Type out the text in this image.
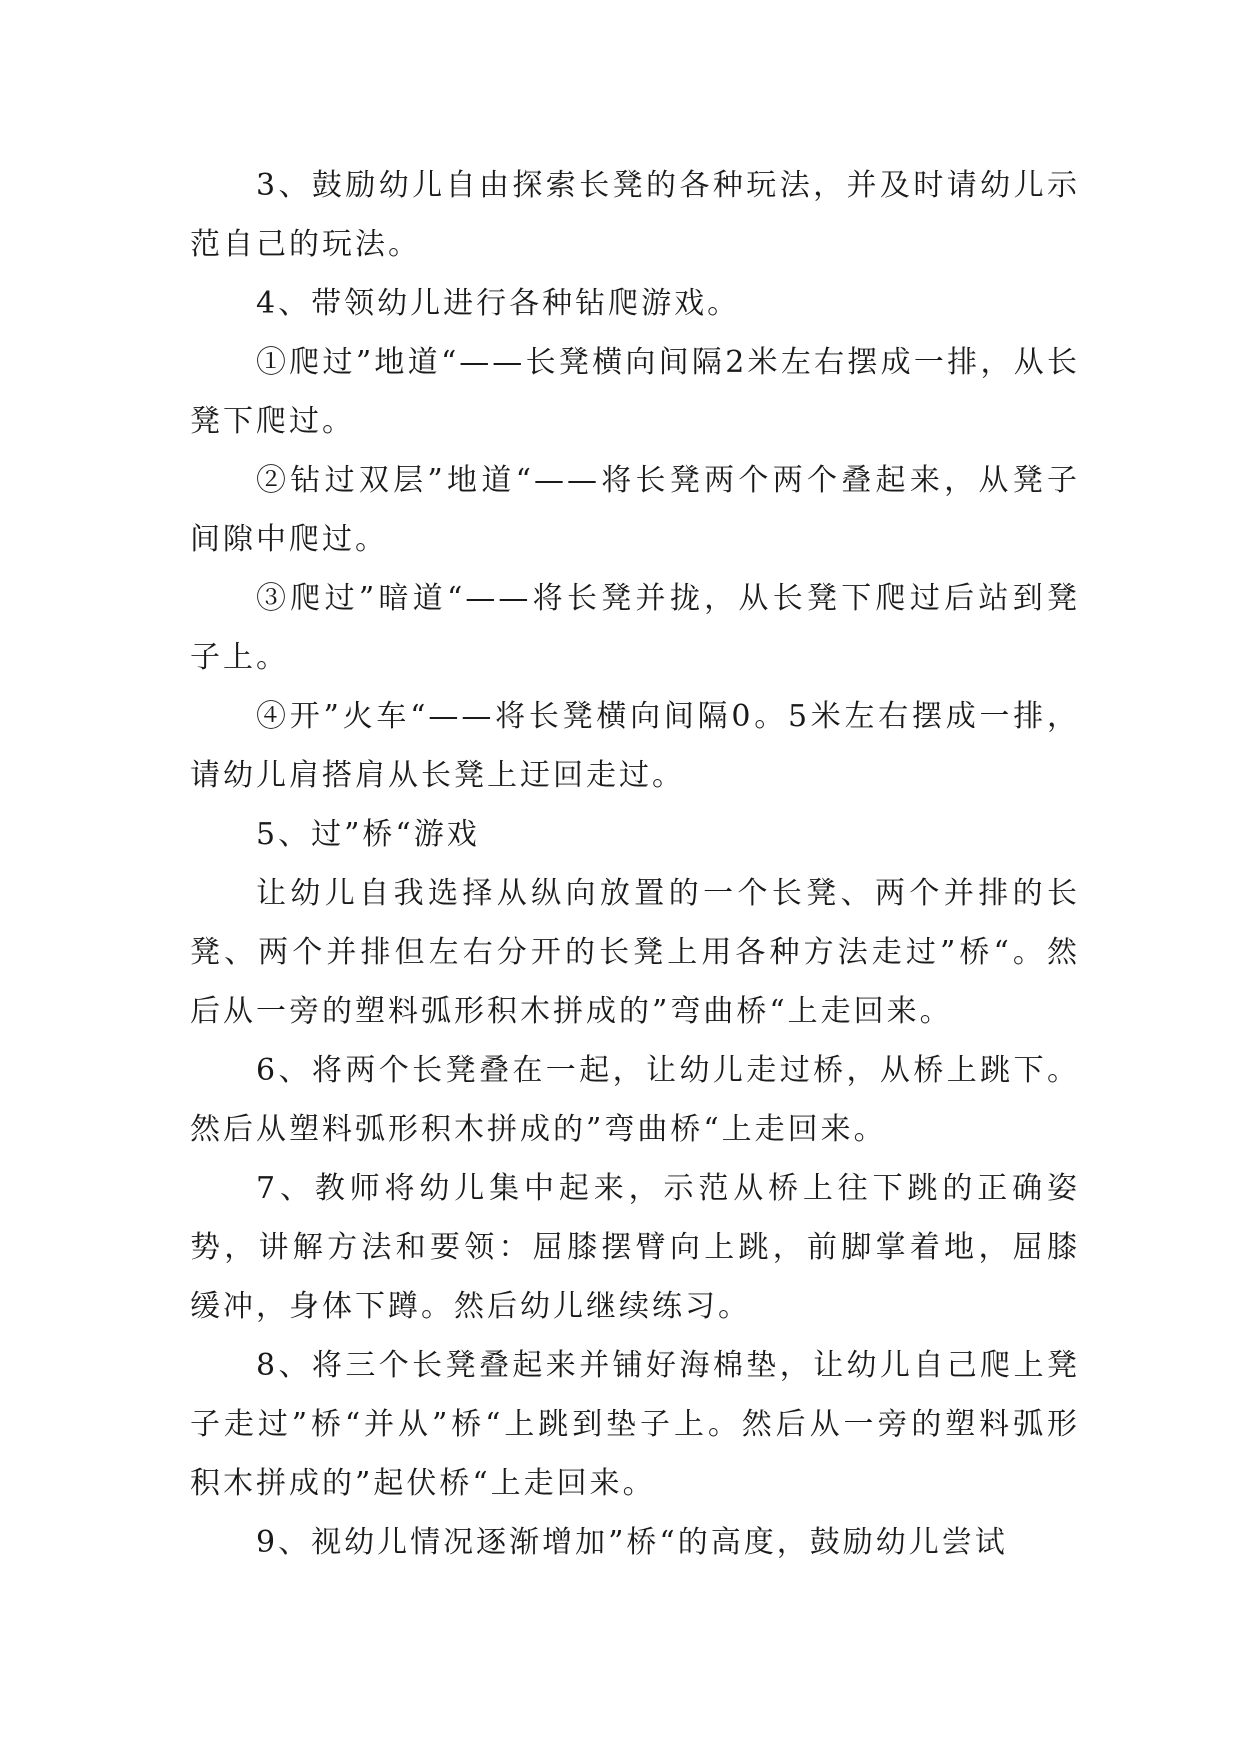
3、鼓励幼儿自由探索长凳的各种玩法，并及时请幼儿示范自己的玩法。

4、带领幼儿进行各种钻爬游戏。

①爬过”地道“——长凳横向间隔2米左右摆成一排，从长凳下爬过。

②钻过双层”地道“——将长凳两个两个叠起来，从凳子间隙中爬过。

③爬过”暗道“——将长凳并拢，从长凳下爬过后站到凳子上。

④开”火车“——将长凳横向间隔0。5米左右摆成一排，请幼儿肩搭肩从长凳上迂回走过。

5、过”桥“游戏

让幼儿自我选择从纵向放置的一个长凳、两个并排的长凳、两个并排但左右分开的长凳上用各种方法走过”桥“。然后从一旁的塑料弧形积木拼成的”弯曲桥“上走回来。

6、将两个长凳叠在一起，让幼儿走过桥，从桥上跳下。然后从塑料弧形积木拼成的”弯曲桥“上走回来。

7、教师将幼儿集中起来，示范从桥上往下跳的正确姿势，讲解方法和要领：屈膝摆臂向上跳，前脚掌着地，屈膝缓冲，身体下蹲。然后幼儿继续练习。

8、将三个长凳叠起来并铺好海棉垫，让幼儿自己爬上凳子走过”桥“并从”桥“上跳到垫子上。然后从一旁的塑料弧形积木拼成的”起伏桥“上走回来。

9、视幼儿情况逐渐增加”桥“的高度，鼓励幼儿尝试
